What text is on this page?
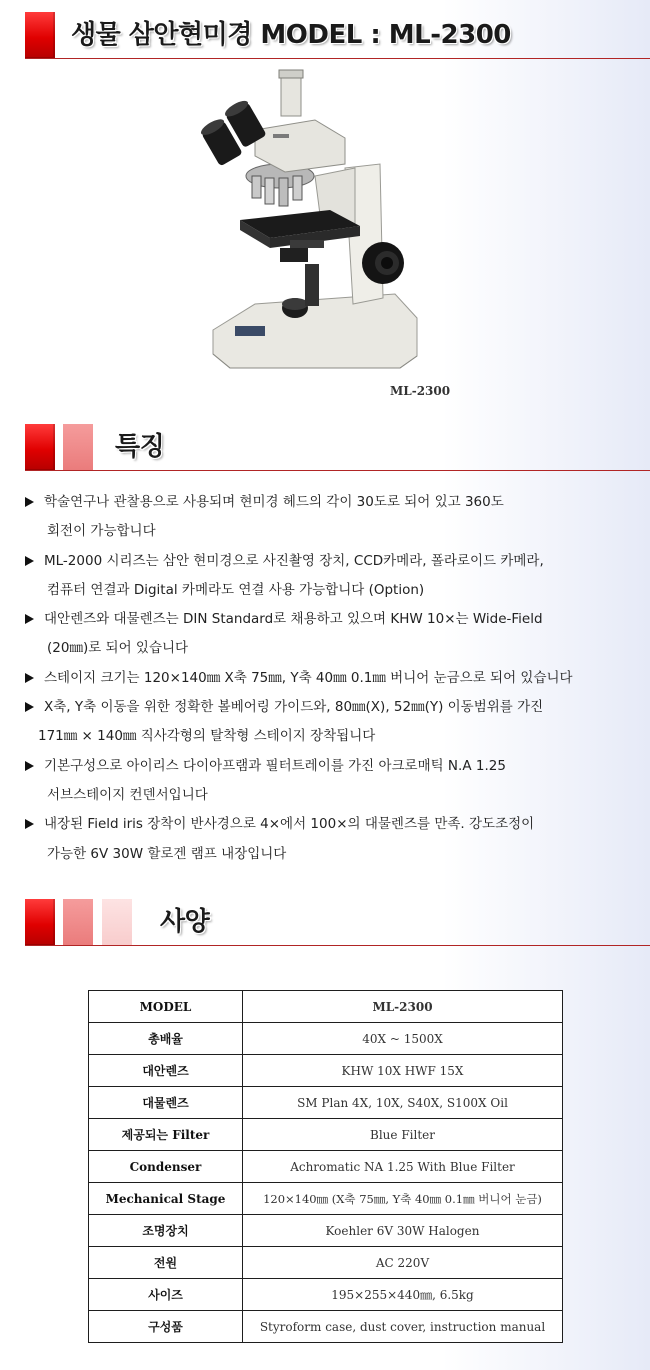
생물 삼안현미경 MODEL : ML-2300
ML-2300
특징
학술연구나 관찰용으로 사용되며 현미경 헤드의 각이 30도로 되어 있고 360도
회전이 가능합니다
ML-2000 시리즈는 삼안 현미경으로 사진촬영 장치, CCD카메라, 폴라로이드 카메라,
컴퓨터 연결과 Digital 카메라도 연결 사용 가능합니다 (Option)
대안렌즈와 대물렌즈는 DIN Standard로 채용하고 있으며 KHW 10×는 Wide-Field
(20㎜)로 되어 있습니다
스테이지 크기는 120×140㎜ X축 75㎜, Y축 40㎜ 0.1㎜ 버니어 눈금으로 되어 있습니다
X축, Y축 이동을 위한 정확한 볼베어링 가이드와, 80㎜(X), 52㎜(Y) 이동범위를 가진
171㎜ × 140㎜ 직사각형의 탈착형 스테이지 장착됩니다
기본구성으로 아이리스 다이아프램과 필터트레이를 가진 아크로매틱 N.A 1.25
서브스테이지 컨덴서입니다
내장된 Field iris 장착이 반사경으로 4×에서 100×의 대물렌즈를 만족. 강도조정이
가능한 6V 30W 할로겐 램프 내장입니다
사양
MODEL	ML-2300
총배율	40X ~ 1500X
대안렌즈	KHW 10X HWF 15X
대물렌즈	SM Plan 4X, 10X, S40X, S100X Oil
제공되는 Filter	Blue Filter
Condenser	Achromatic NA 1.25 With Blue Filter
Mechanical Stage	120×140㎜ (X축 75㎜, Y축 40㎜ 0.1㎜ 버니어 눈금)
조명장치	Koehler 6V 30W Halogen
전원	AC 220V
사이즈	195×255×440㎜, 6.5kg
구성품	Styroform case, dust cover, instruction manual
